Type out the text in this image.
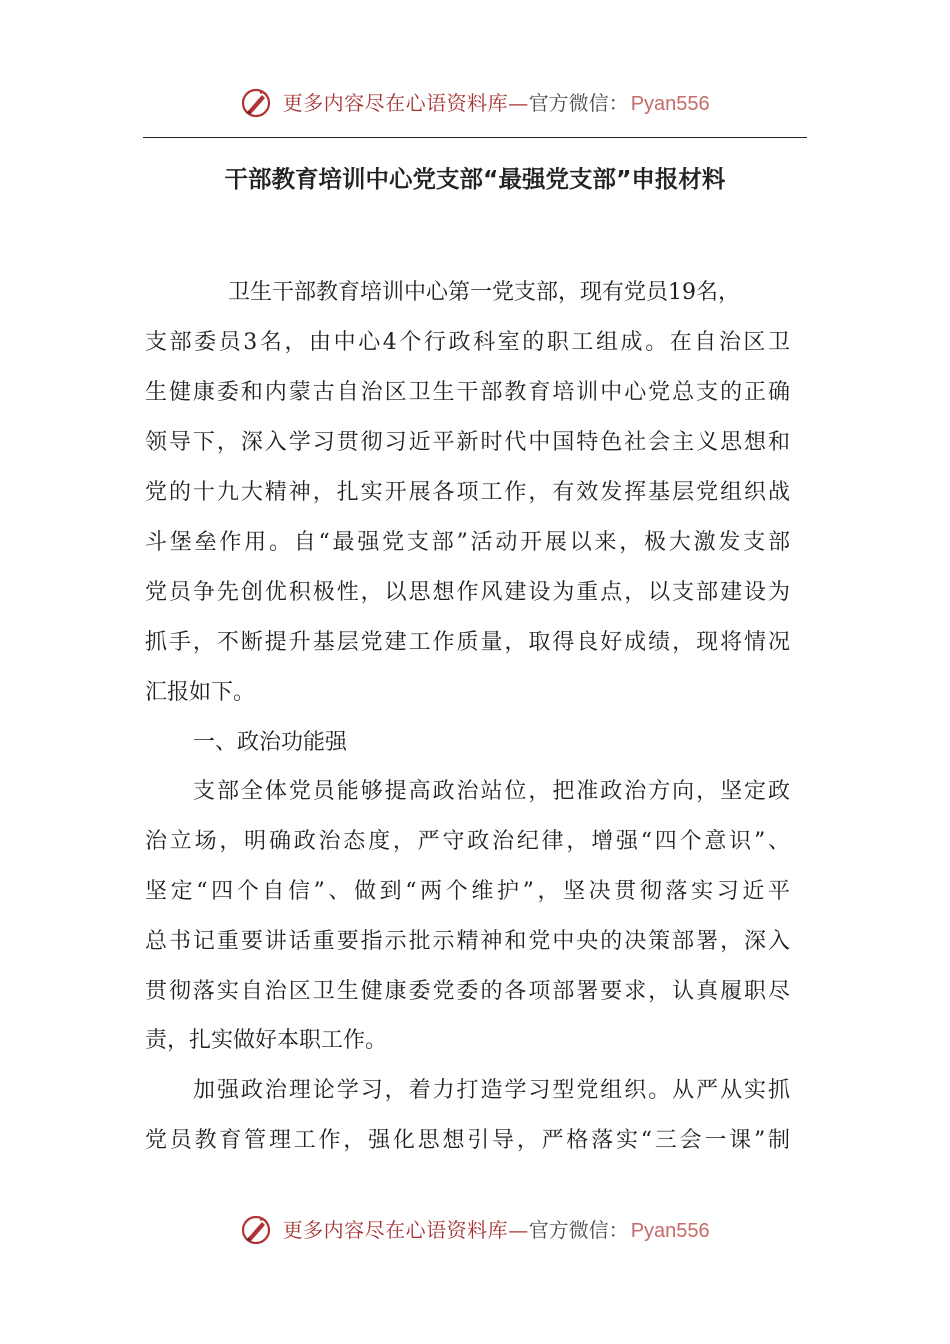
更多内容尽在心语资料库—官方微信： Pyan556
干部教育培训中心党支部“最强党支部”申报材料
卫生干部教育培训中心第一党支部，现有党员19名，
支部委员3名，由中心4个行政科室的职工组成。在自治区卫
生健康委和内蒙古自治区卫生干部教育培训中心党总支的正确
领导下，深入学习贯彻习近平新时代中国特色社会主义思想和
党的十九大精神，扎实开展各项工作，有效发挥基层党组织战
斗堡垒作用。自“最强党支部”活动开展以来，极大激发支部
党员争先创优积极性，以思想作风建设为重点，以支部建设为
抓手，不断提升基层党建工作质量，取得良好成绩，现将情况
汇报如下。
一、政治功能强
支部全体党员能够提高政治站位，把准政治方向，坚定政
治立场，明确政治态度，严守政治纪律，增强“四个意识”、
坚定“四个自信”、做到“两个维护”，坚决贯彻落实习近平
总书记重要讲话重要指示批示精神和党中央的决策部署，深入
贯彻落实自治区卫生健康委党委的各项部署要求，认真履职尽
责，扎实做好本职工作。
加强政治理论学习，着力打造学习型党组织。从严从实抓
党员教育管理工作，强化思想引导，严格落实“三会一课”制
更多内容尽在心语资料库—官方微信： Pyan556
